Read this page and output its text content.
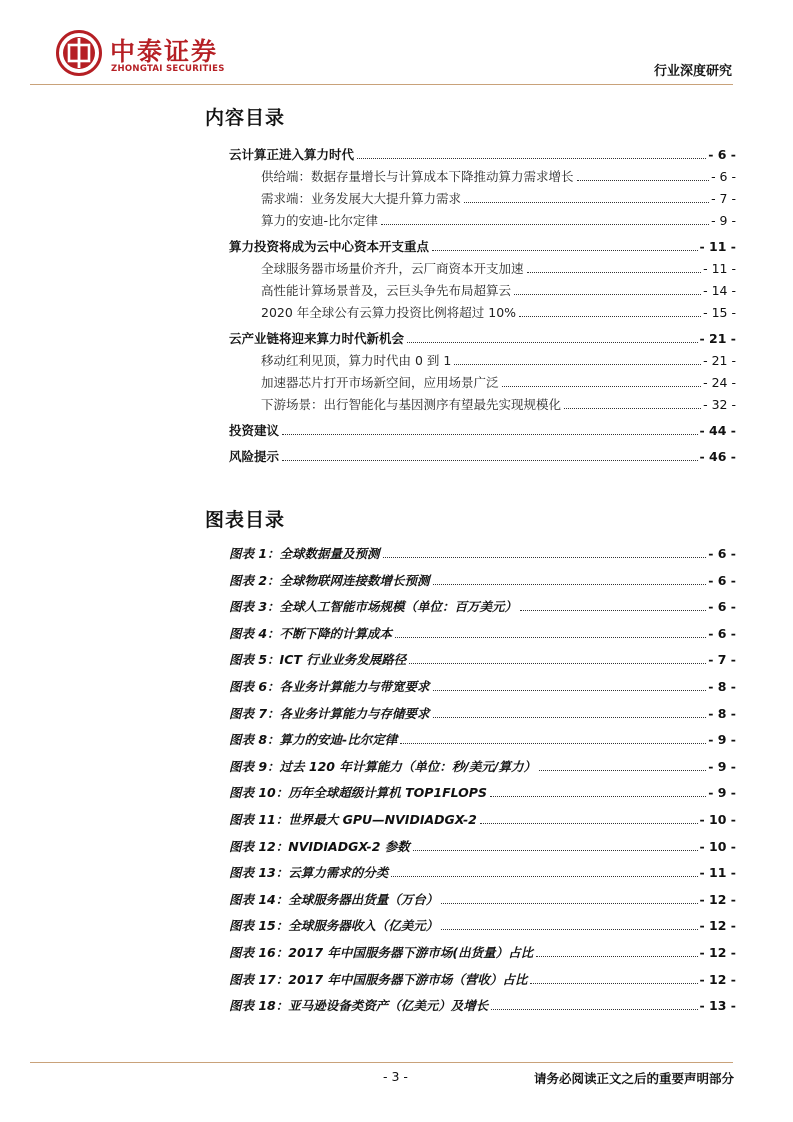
中泰证券
ZHONGTAI SECURITIES	行业深度研究
内容目录
云计算正进入算力时代	- 6 -
供给端：数据存量增长与计算成本下降推动算力需求增长	- 6 -
需求端：业务发展大大提升算力需求	- 7 -
算力的安迪-比尔定律	- 9 -
算力投资将成为云中心资本开支重点	- 11 -
全球服务器市场量价齐升，云厂商资本开支加速	- 11 -
高性能计算场景普及，云巨头争先布局超算云	- 14 -
2020 年全球公有云算力投资比例将超过 10%	- 15 -
云产业链将迎来算力时代新机会	- 21 -
移动红利见顶，算力时代由 0 到 1	- 21 -
加速器芯片打开市场新空间，应用场景广泛	- 24 -
下游场景：出行智能化与基因测序有望最先实现规模化	- 32 -
投资建议	- 44 -
风险提示	- 46 -
图表目录
图表 1：全球数据量及预测	- 6 -
图表 2：全球物联网连接数增长预测	- 6 -
图表 3：全球人工智能市场规模（单位：百万美元）	- 6 -
图表 4：不断下降的计算成本	- 6 -
图表 5：ICT 行业业务发展路径	- 7 -
图表 6：各业务计算能力与带宽要求	- 8 -
图表 7：各业务计算能力与存储要求	- 8 -
图表 8：算力的安迪-比尔定律	- 9 -
图表 9：过去 120 年计算能力（单位：秒/美元/算力）	- 9 -
图表 10：历年全球超级计算机 TOP1FLOPS	- 9 -
图表 11：世界最大 GPU—NVIDIADGX-2	- 10 -
图表 12：NVIDIADGX-2 参数	- 10 -
图表 13：云算力需求的分类	- 11 -
图表 14：全球服务器出货量（万台）	- 12 -
图表 15：全球服务器收入（亿美元）	- 12 -
图表 16：2017 年中国服务器下游市场(出货量）占比	- 12 -
图表 17：2017 年中国服务器下游市场（营收）占比	- 12 -
图表 18：亚马逊设备类资产（亿美元）及增长	- 13 -
- 3 -	请务必阅读正文之后的重要声明部分
